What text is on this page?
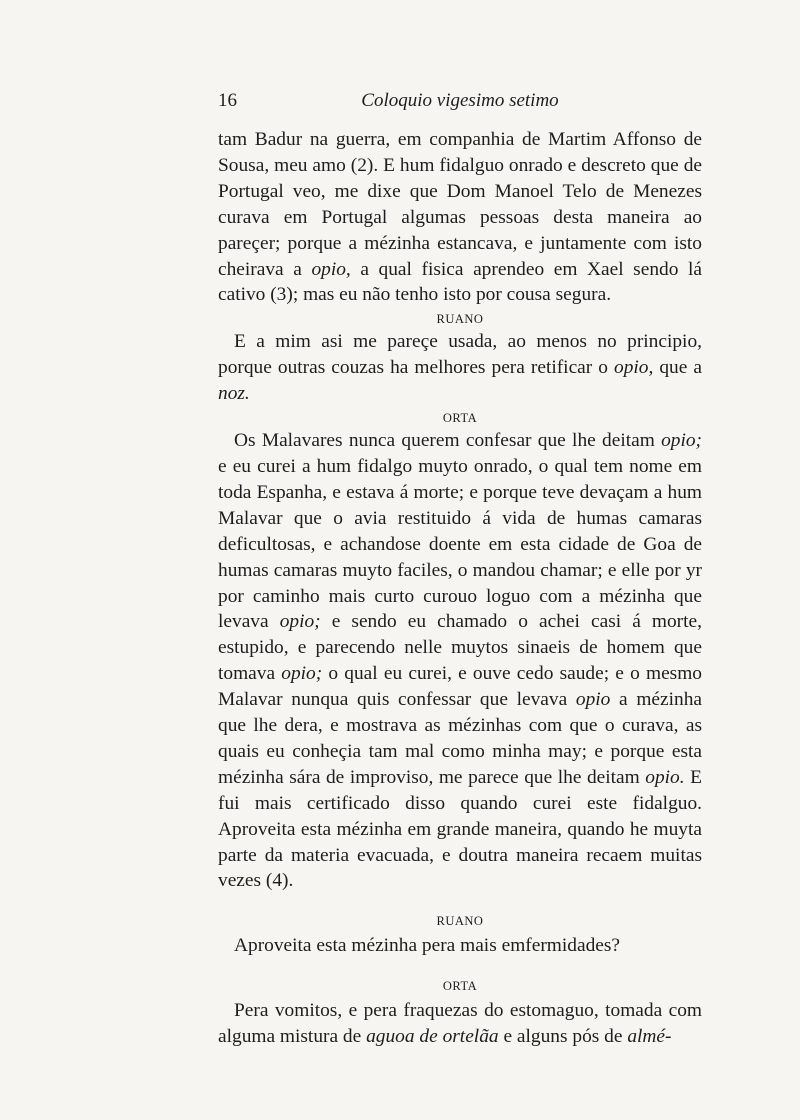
16	Coloquio vigesimo setimo

tam Badur na guerra, em companhia de Martim Affonso de Sousa, meu amo (2). E hum fidalguo onrado e descreto que de Portugal veo, me dixe que Dom Manoel Telo de Menezes curava em Portugal algumas pessoas desta maneira ao pareçer; porque a mézinha estancava, e juntamente com isto cheirava a opio, a qual fisica aprendeo em Xael sendo lá cativo (3); mas eu não tenho isto por cousa segura.

RUANO

E a mim asi me pareçe usada, ao menos no principio, porque outras couzas ha melhores pera retificar o opio, que a noz.

ORTA

Os Malavares nunca querem confesar que lhe deitam opio; e eu curei a hum fidalgo muyto onrado, o qual tem nome em toda Espanha, e estava á morte; e porque teve devaçam a hum Malavar que o avia restituido á vida de humas camaras deficultosas, e achandose doente em esta cidade de Goa de humas camaras muyto faciles, o mandou chamar; e elle por yr por caminho mais curto curouo loguo com a mézinha que levava opio; e sendo eu chamado o achei casi á morte, estupido, e parecendo nelle muytos sinaeis de homem que tomava opio; o qual eu curei, e ouve cedo saude; e o mesmo Malavar nunqua quis confessar que levava opio a mézinha que lhe dera, e mostrava as mézinhas com que o curava, as quais eu conheçia tam mal como minha may; e porque esta mézinha sára de improviso, me parece que lhe deitam opio. E fui mais certificado disso quando curei este fidalguo. Aproveita esta mézinha em grande maneira, quando he muyta parte da materia evacuada, e doutra maneira recaem muitas vezes (4).

RUANO

Aproveita esta mézinha pera mais emfermidades?

ORTA

Pera vomitos, e pera fraquezas do estomaguo, tomada com alguma mistura de aguoa de ortelãa e alguns pós de almé-
